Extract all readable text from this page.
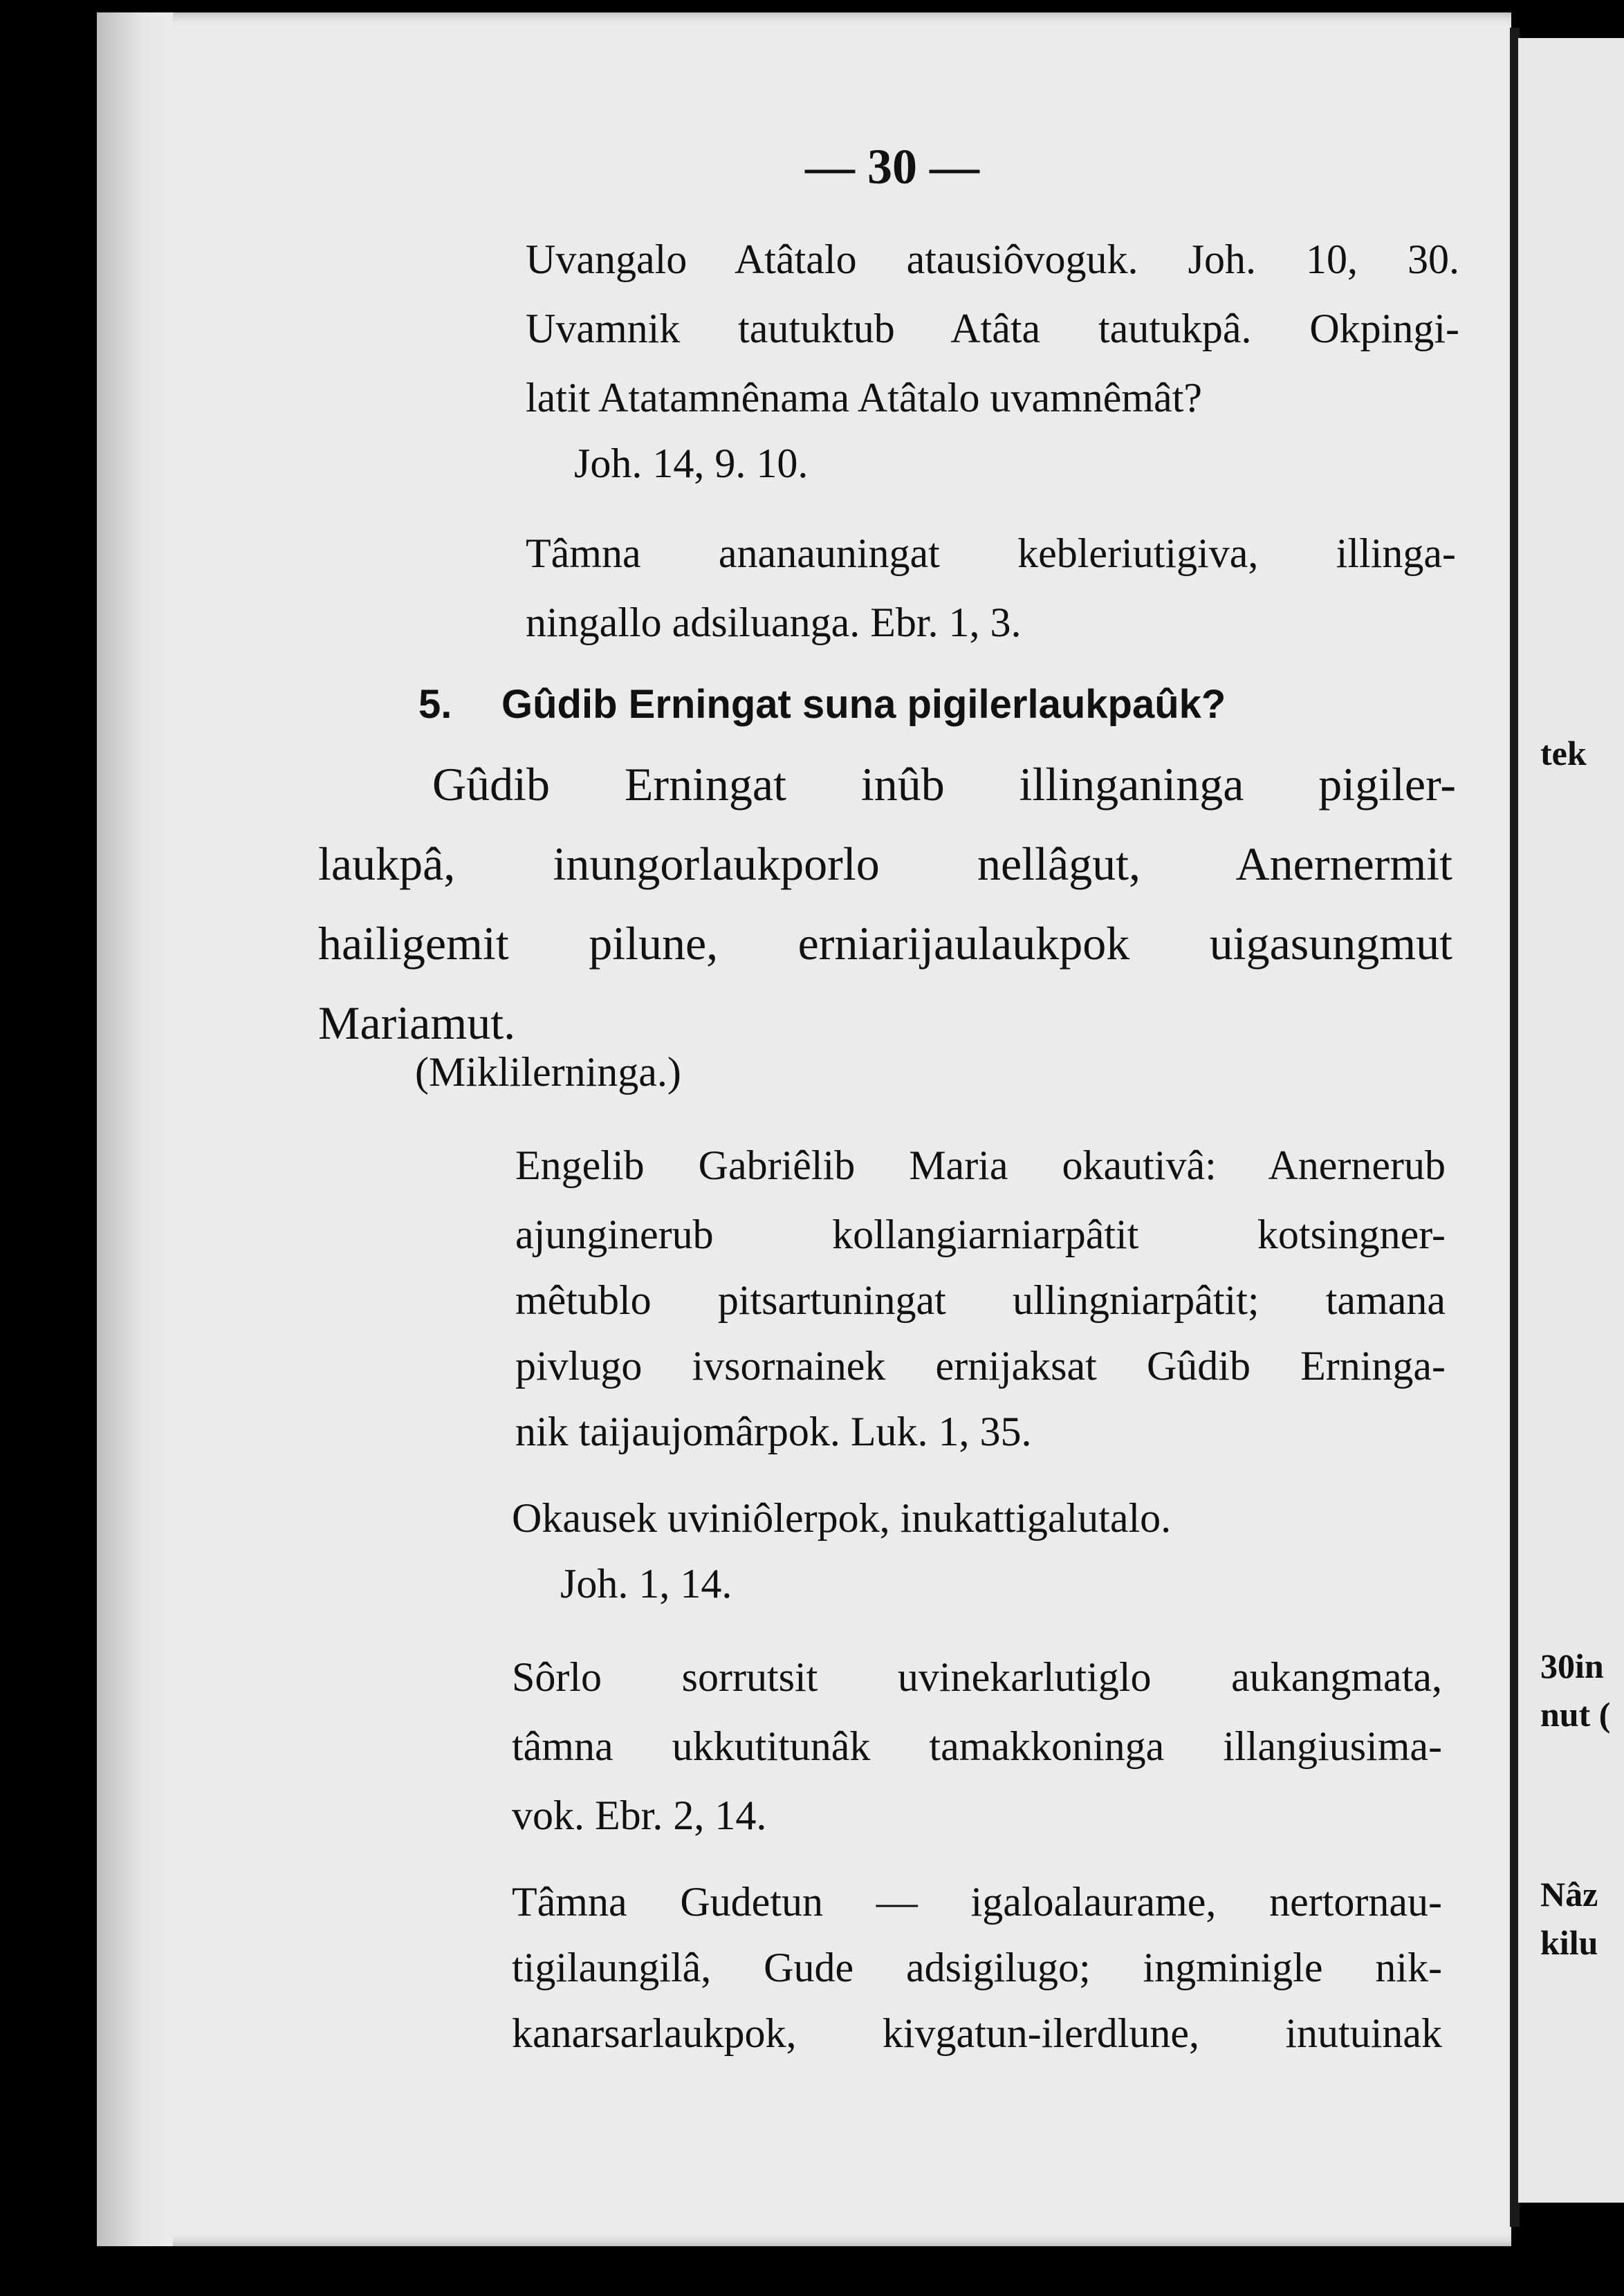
tek
30in
nut (
Nâz
kilu
— 30 —
Uvangalo Atâtalo atausiôvoguk. Joh. 10, 30.
Uvamnik tautuktub Atâta tautukpâ. Okpingi-
latit Atatamnênama Atâtalo uvamnêmât?
Joh. 14, 9. 10.
Tâmna ananauningat kebleriutigiva, illinga-
ningallo adsiluanga. Ebr. 1, 3.
5. Gûdib Erningat suna pigilerlaukpaûk?
Gûdib Erningat inûb illinganinga pigiler-
laukpâ, inungorlaukporlo nellâgut, Anernermit
hailigemit pilune, erniarijaulaukpok uigasungmut
Mariamut.
(Miklilerninga.)
Engelib Gabriêlib Maria okautivâ: Anernerub
ajunginerub kollangiarniarpâtit kotsingner-
mêtublo pitsartuningat ullingniarpâtit; tamana
pivlugo ivsornainek ernijaksat Gûdib Erninga-
nik taijaujomârpok. Luk. 1, 35.
Okausek uviniôlerpok, inukattigalutalo.
Joh. 1, 14.
Sôrlo sorrutsit uvinekarlutiglo aukangmata,
tâmna ukkutitunâk tamakkoninga illangiusima-
vok. Ebr. 2, 14.
Tâmna Gudetun — igaloalaurame, nertornau-
tigilaungilâ, Gude adsigilugo; ingminigle nik-
kanarsarlaukpok, kivgatun-ilerdlune, inutuinak
